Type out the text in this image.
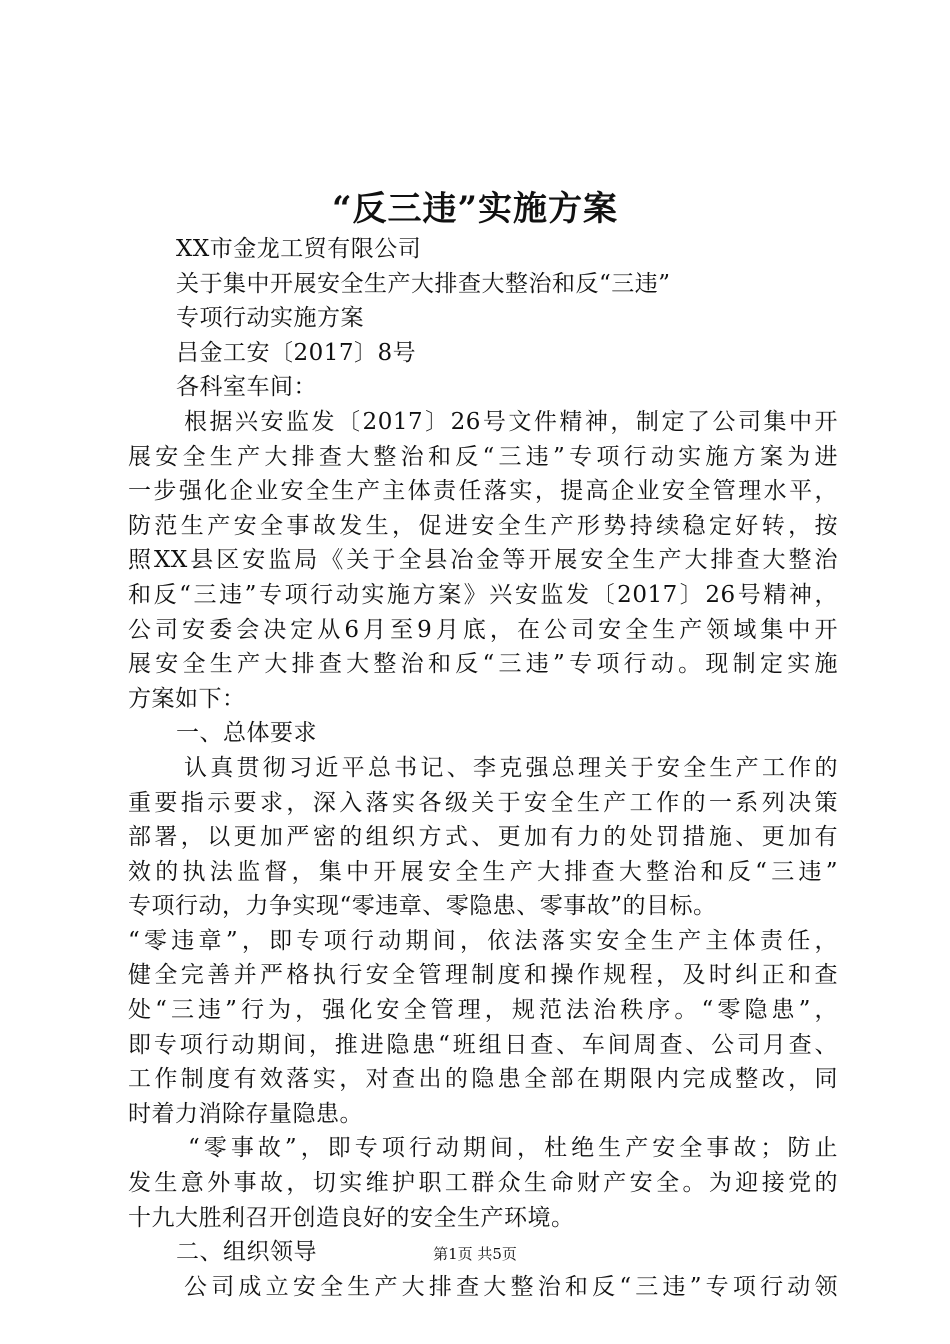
“反三违”实施方案
XX市金龙工贸有限公司
关于集中开展安全生产大排查大整治和反“三违”
专项行动实施方案
吕金工安〔2017〕8号
各科室车间：
根据兴安监发〔2017〕26号文件精神，制定了公司集中开
展安全生产大排查大整治和反“三违”专项行动实施方案为进
一步强化企业安全生产主体责任落实，提高企业安全管理水平，
防范生产安全事故发生，促进安全生产形势持续稳定好转，按
照XX县区安监局《关于全县冶金等开展安全生产大排查大整治
和反“三违”专项行动实施方案》兴安监发〔2017〕26号精神，
公司安委会决定从6月至9月底，在公司安全生产领域集中开
展安全生产大排查大整治和反“三违”专项行动。现制定实施
方案如下：
一、总体要求
认真贯彻习近平总书记、李克强总理关于安全生产工作的
重要指示要求，深入落实各级关于安全生产工作的一系列决策
部署，以更加严密的组织方式、更加有力的处罚措施、更加有
效的执法监督，集中开展安全生产大排查大整治和反“三违”
专项行动，力争实现“零违章、零隐患、零事故”的目标。
“零违章”，即专项行动期间，依法落实安全生产主体责任，
健全完善并严格执行安全管理制度和操作规程，及时纠正和查
处“三违”行为，强化安全管理，规范法治秩序。“零隐患”，
即专项行动期间，推进隐患“班组日查、车间周查、公司月查、
工作制度有效落实，对查出的隐患全部在期限内完成整改，同
时着力消除存量隐患。
“零事故”，即专项行动期间，杜绝生产安全事故；防止
发生意外事故，切实维护职工群众生命财产安全。为迎接党的
十九大胜利召开创造良好的安全生产环境。
二、组织领导
公司成立安全生产大排查大整治和反“三违”专项行动领
第1页 共5页
